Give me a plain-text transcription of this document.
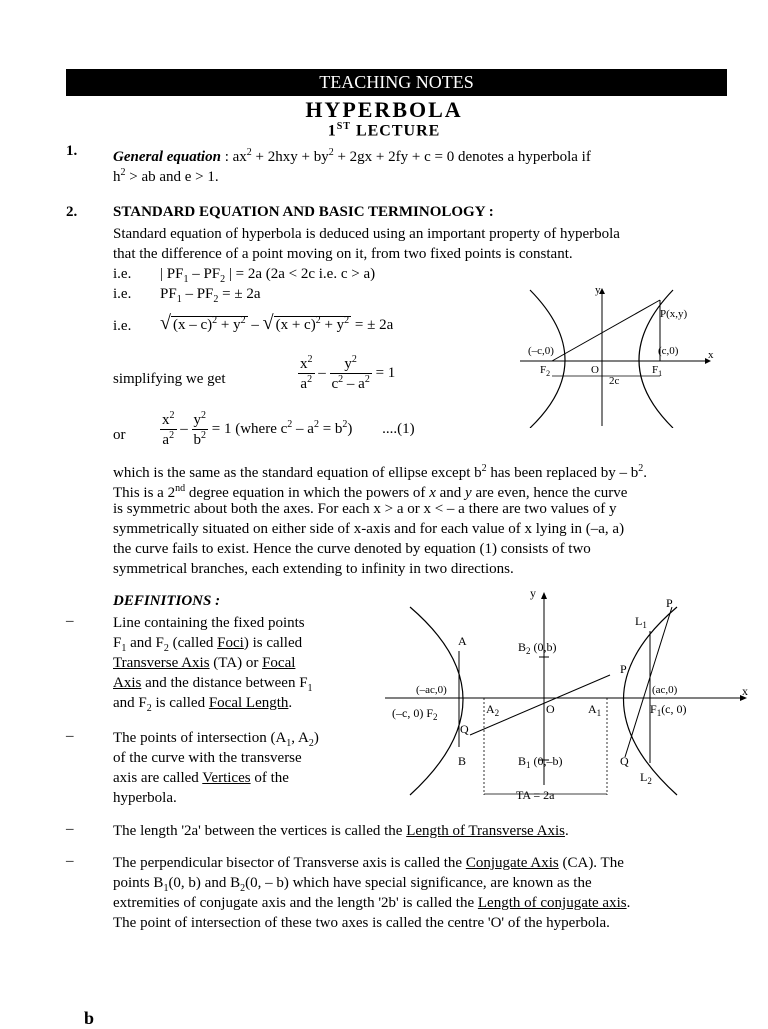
TEACHING NOTES
HYPERBOLA
1ST LECTURE
1. General equation : $ax^2 + 2hxy + by^2 + 2gx + 2fy + c = 0$ denotes a hyperbola if
$h^2$ > ab and e > 1.
2. STANDARD EQUATION AND BASIC TERMINOLOGY :
Standard equation of hyperbola is deduced using an important property of hyperbola
that the difference of a point moving on it, from two fixed points is constant.
i.e. | $PF_1 - PF_2$ | = 2a (2a < 2c i.e. c > a)
i.e. $PF_1 - PF_2$ = ± 2a
i.e. √ $(x - c)^2 + y^2$ – √ $(x + c)^2 + y^2$ = ± 2a
simplifying we get	$\frac{x^2}{a^2} - \frac{y^2}{c^2 - a^2} = 1$
or $\frac{x^2}{a^2} - \frac{y^2}{b^2} = 1$ (where $c^2 - a^2 = b^2$) ....(1)
y
x
P(x,y)
(–c,0)	(c,0)
$F_2$	O	$F_1$
2c
which is the same as the standard equation of ellipse except $b^2$ has been replaced by – $b^2$.
This is a 2nd degree equation in which the powers of x and y are even, hence the curve
is symmetric about both the axes. For each x > a or x < – a there are two values of y
symmetrically situated on either side of x-axis and for each value of x lying in (–a, a)
the curve fails to exist. Hence the curve denoted by equation (1) consists of two
symmetrical branches, each extending to infinity in two directions.
DEFINITIONS :
–	Line containing the fixed points
$F_1$ and $F_2$ (called Foci) is called
Transverse Axis (TA) or Focal
Axis and the distance between $F_1$
and $F_2$ is called Focal Length.
–	The points of intersection ($A_1$, $A_2$)
of the curve with the transverse
axis are called Vertices of the
hyperbola.
y
x
P
$L_1$
A	$B_2$ (0,b)
P
(–ac,0)	(ac,0)
(–c, 0) $F_2$
$A_2$	O	$A_1$	$F_1(c$, 0)
Q
$B_1$ (0,–b)
B	Q
$L_2$
TA = 2a
–	The length '2a' between the vertices is called the Length of Transverse Axis.
–	The perpendicular bisector of Transverse axis is called the Conjugate Axis (CA). The
points $B_1(0$, b) and $B_2(0$, – b) which have special significance, are known as the
extremities of conjugate axis and the length '2b' is called the Length of conjugate axis.
The point of intersection of these two axes is called the centre 'O' of the hyperbola.
b
